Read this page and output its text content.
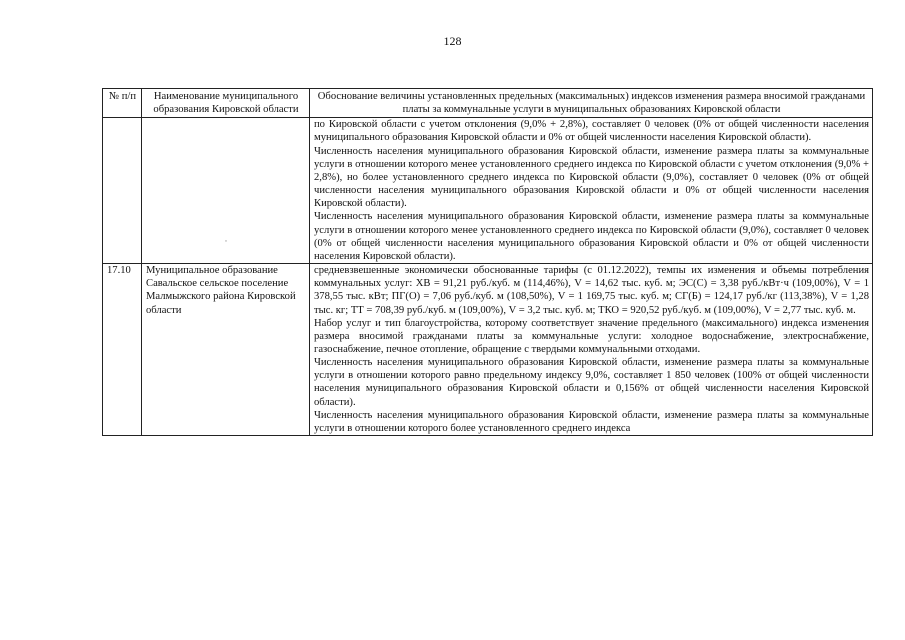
128
№ п/п	Наименование муниципального образования Кировской области	Обоснование величины установленных предельных (максимальных) индексов изменения размера вносимой гражданами платы за коммунальные услуги в муниципальных образованиях Кировской области

	·	по Кировской области с учетом отклонения (9,0% + 2,8%), составляет 0 человек (0% от общей численности населения муниципального образования Кировской области и 0% от общей численности населения Кировской области).

Численность населения муниципального образования Кировской области, изменение размера платы за коммунальные услуги в отношении которого менее установленного среднего индекса по Кировской области с учетом отклонения (9,0% + 2,8%), но более установленного среднего индекса по Кировской области (9,0%), составляет 0 человек (0% от общей численности населения муниципального образования Кировской области и 0% от общей численности населения Кировской области).

Численность населения муниципального образования Кировской области, изменение размера платы за коммунальные услуги в отношении которого менее установленного среднего индекса по Кировской области (9,0%), составляет 0 человек (0% от общей численности населения муниципального образования Кировской области и 0% от общей численности населения Кировской области).

17.10	Муниципальное образование Савальское сельское поселение Малмыжского района Кировской области	средневзвешенные экономически обоснованные тарифы (с 01.12.2022), темпы их изменения и объемы потребления коммунальных услуг: ХВ = 91,21 руб./куб. м (114,46%), V = 14,62 тыс. куб. м; ЭС(С) = 3,38 руб./кВт·ч (109,00%), V = 1 378,55 тыс. кВт; ПГ(О) = 7,06 руб./куб. м (108,50%), V = 1 169,75 тыс. куб. м; СГ(Б) = 124,17 руб./кг (113,38%), V = 1,28 тыс. кг; ТТ = 708,39 руб./куб. м (109,00%), V = 3,2 тыс. куб. м; ТКО = 920,52 руб./куб. м (109,00%), V = 2,77 тыс. куб. м.

Набор услуг и тип благоустройства, которому соответствует значение предельного (максимального) индекса изменения размера вносимой гражданами платы за коммунальные услуги: холодное водоснабжение, электроснабжение, газоснабжение, печное отопление, обращение с твердыми коммунальными отходами.

Численность населения муниципального образования Кировской области, изменение размера платы за коммунальные услуги в отношении которого равно предельному индексу 9,0%, составляет 1 850 человек (100% от общей численности населения муниципального образования Кировской области и 0,156% от общей численности населения Кировской области).

Численность населения муниципального образования Кировской области, изменение размера платы за коммунальные услуги в отношении которого более установленного среднего индекса
